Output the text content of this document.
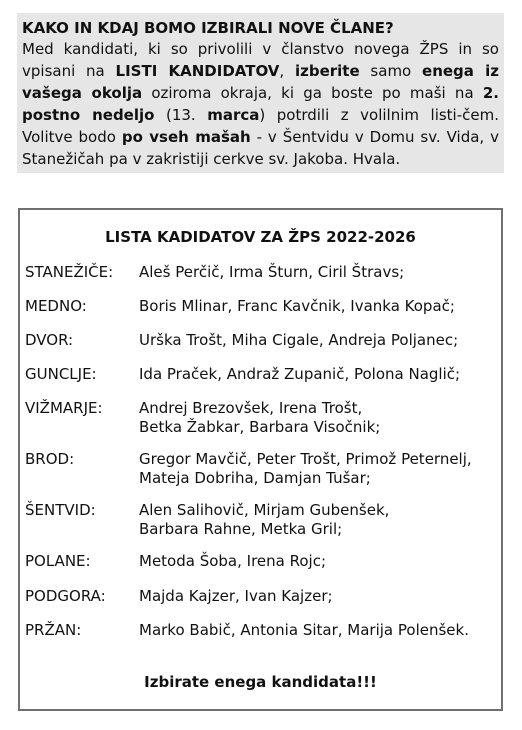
KAKO IN KDAJ BOMO IZBIRALI NOVE ČLANE?

Med kandidati, ki so privolili v članstvo novega ŽPS in so vpisani na LISTI KANDIDATOV, izberite samo enega iz vašega okolja oziroma okraja, ki ga boste po maši na 2. postno nedeljo (13. marca) potrdili z volilnim listi-čem. Volitve bodo po vseh mašah - v Šentvidu v Domu sv. Vida, v Stanežičah pa v zakristiji cerkve sv. Jakoba. Hvala.

LISTA KADIDATOV ZA ŽPS 2022-2026
STANEŽIČE: Aleš Perčič, Irma Šturn, Ciril Štravs;
MEDNO:	Boris Mlinar, Franc Kavčnik, Ivanka Kopač;
DVOR:	Urška Trošt, Miha Cigale, Andreja Poljanec;
GUNCLJE:	Ida Praček, Andraž Zupanič, Polona Naglič;
VIŽMARJE: Andrej Brezovšek, Irena Trošt,
Betka Žabkar, Barbara Visočnik;
BROD:	Gregor Mavčič, Peter Trošt, Primož Peternelj,
Mateja Dobriha, Damjan Tušar;
ŠENTVID:	Alen Salihovič, Mirjam Gubenšek,
Barbara Rahne, Metka Gril;
POLANE:	Metoda Šoba, Irena Rojc;
PODGORA: Majda Kajzer, Ivan Kajzer;
PRŽAN:	Marko Babič, Antonia Sitar, Marija Polenšek.
Izbirate enega kandidata!!!
